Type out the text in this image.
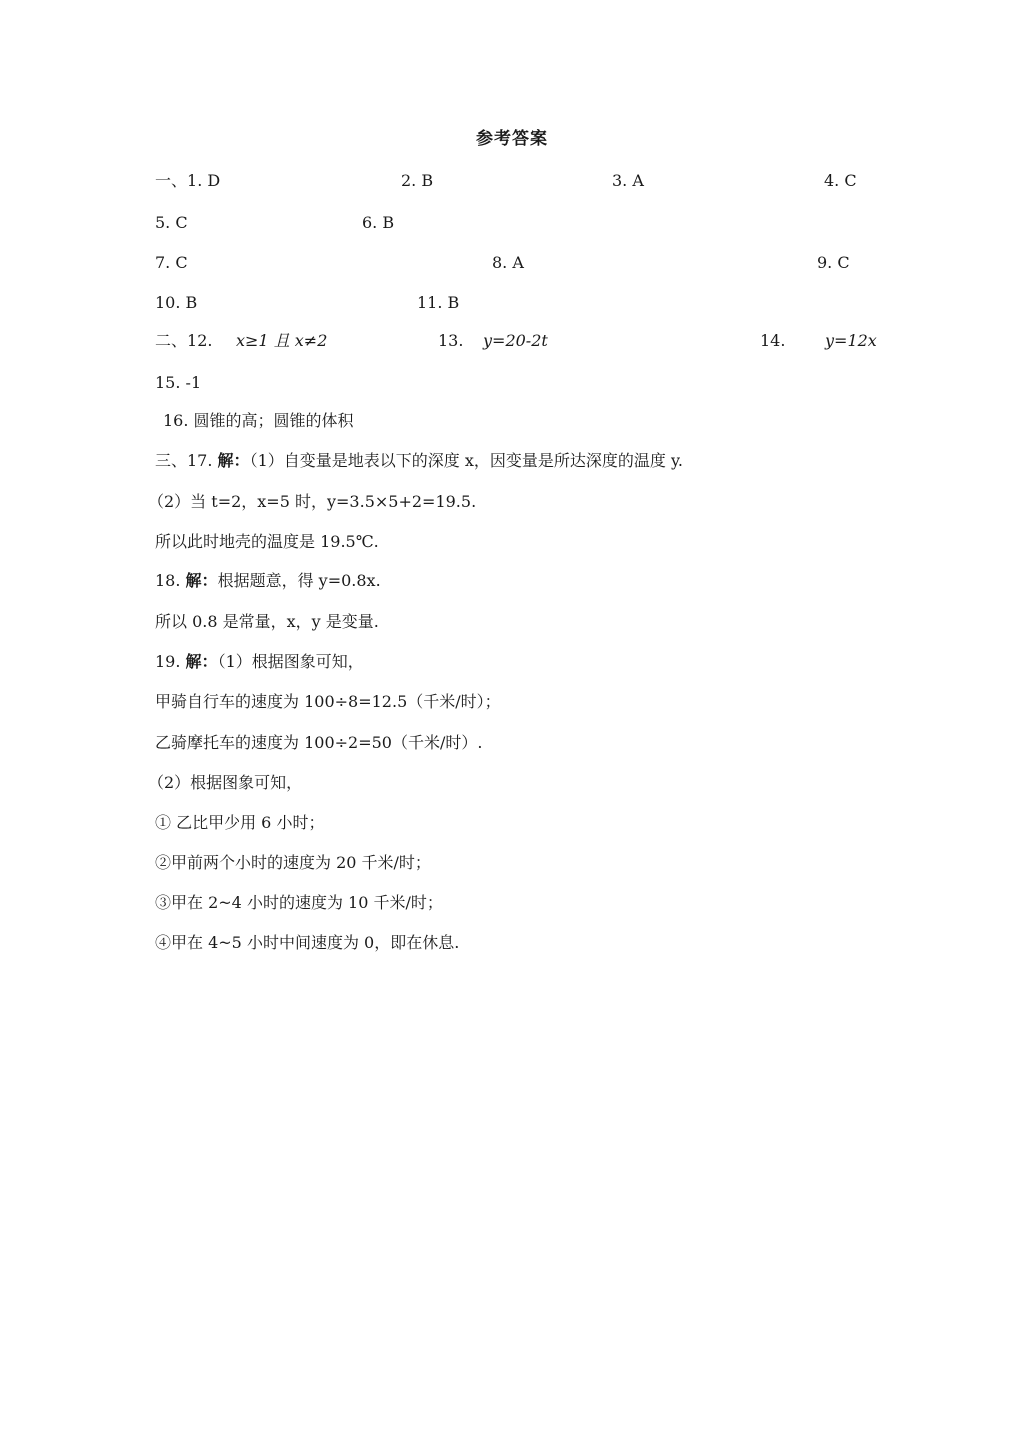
参考答案
一、1. D	2. B	3. A	4. C
5. C	6. B
7. C	8. A	9. C
10. B	11. B
二、12. x≥1 且 x≠2	13. y=20-2t	14. y=12x
15. -1
16. 圆锥的高；圆锥的体积
三、17. 解：（1）自变量是地表以下的深度 x，因变量是所达深度的温度 y.
（2）当 t=2，x=5 时，y=3.5×5+2=19.5.
所以此时地壳的温度是 19.5℃.
18. 解：根据题意，得 y=0.8x.
所以 0.8 是常量，x，y 是变量.
19. 解：（1）根据图象可知，
甲骑自行车的速度为 100÷8=12.5（千米/时）；
乙骑摩托车的速度为 100÷2=50（千米/时）.
（2）根据图象可知，
① 乙比甲少用 6 小时；
②甲前两个小时的速度为 20 千米/时；
③甲在 2~4 小时的速度为 10 千米/时；
④甲在 4~5 小时中间速度为 0，即在休息.
